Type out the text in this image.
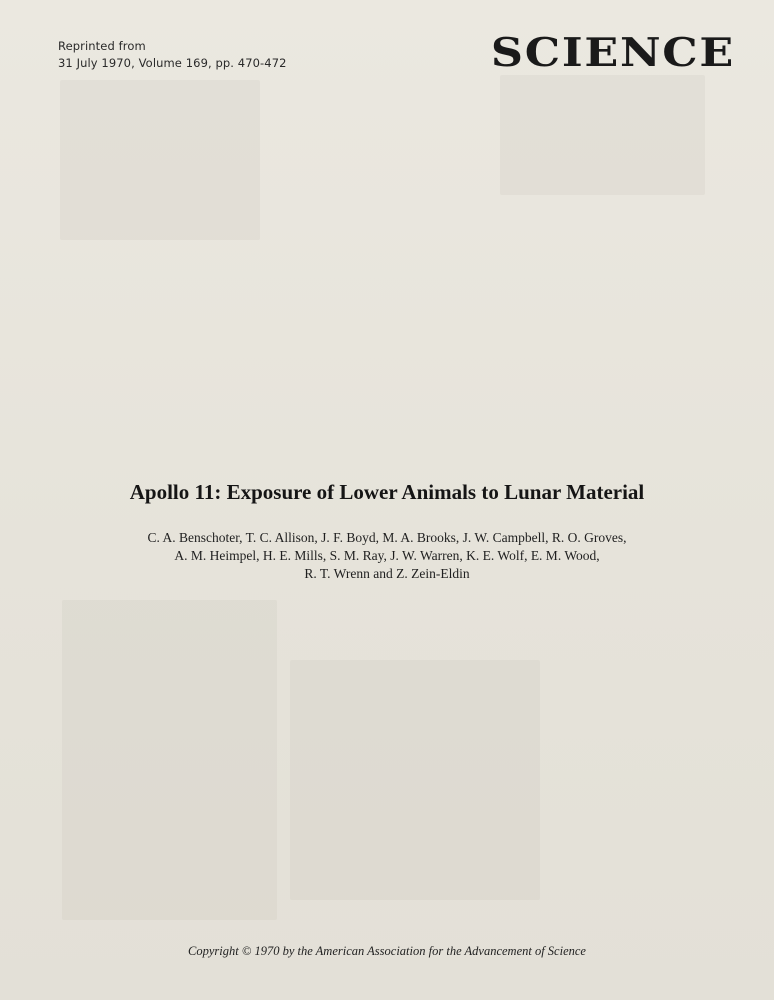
Reprinted from
31 July 1970, Volume 169, pp. 470-472	SCIENCE
Apollo 11: Exposure of Lower Animals to Lunar Material
C. A. Benschoter, T. C. Allison, J. F. Boyd, M. A. Brooks, J. W. Campbell, R. O. Groves,
A. M. Heimpel, H. E. Mills, S. M. Ray, J. W. Warren, K. E. Wolf, E. M. Wood,
R. T. Wrenn and Z. Zein-Eldin
Copyright © 1970 by the American Association for the Advancement of Science
